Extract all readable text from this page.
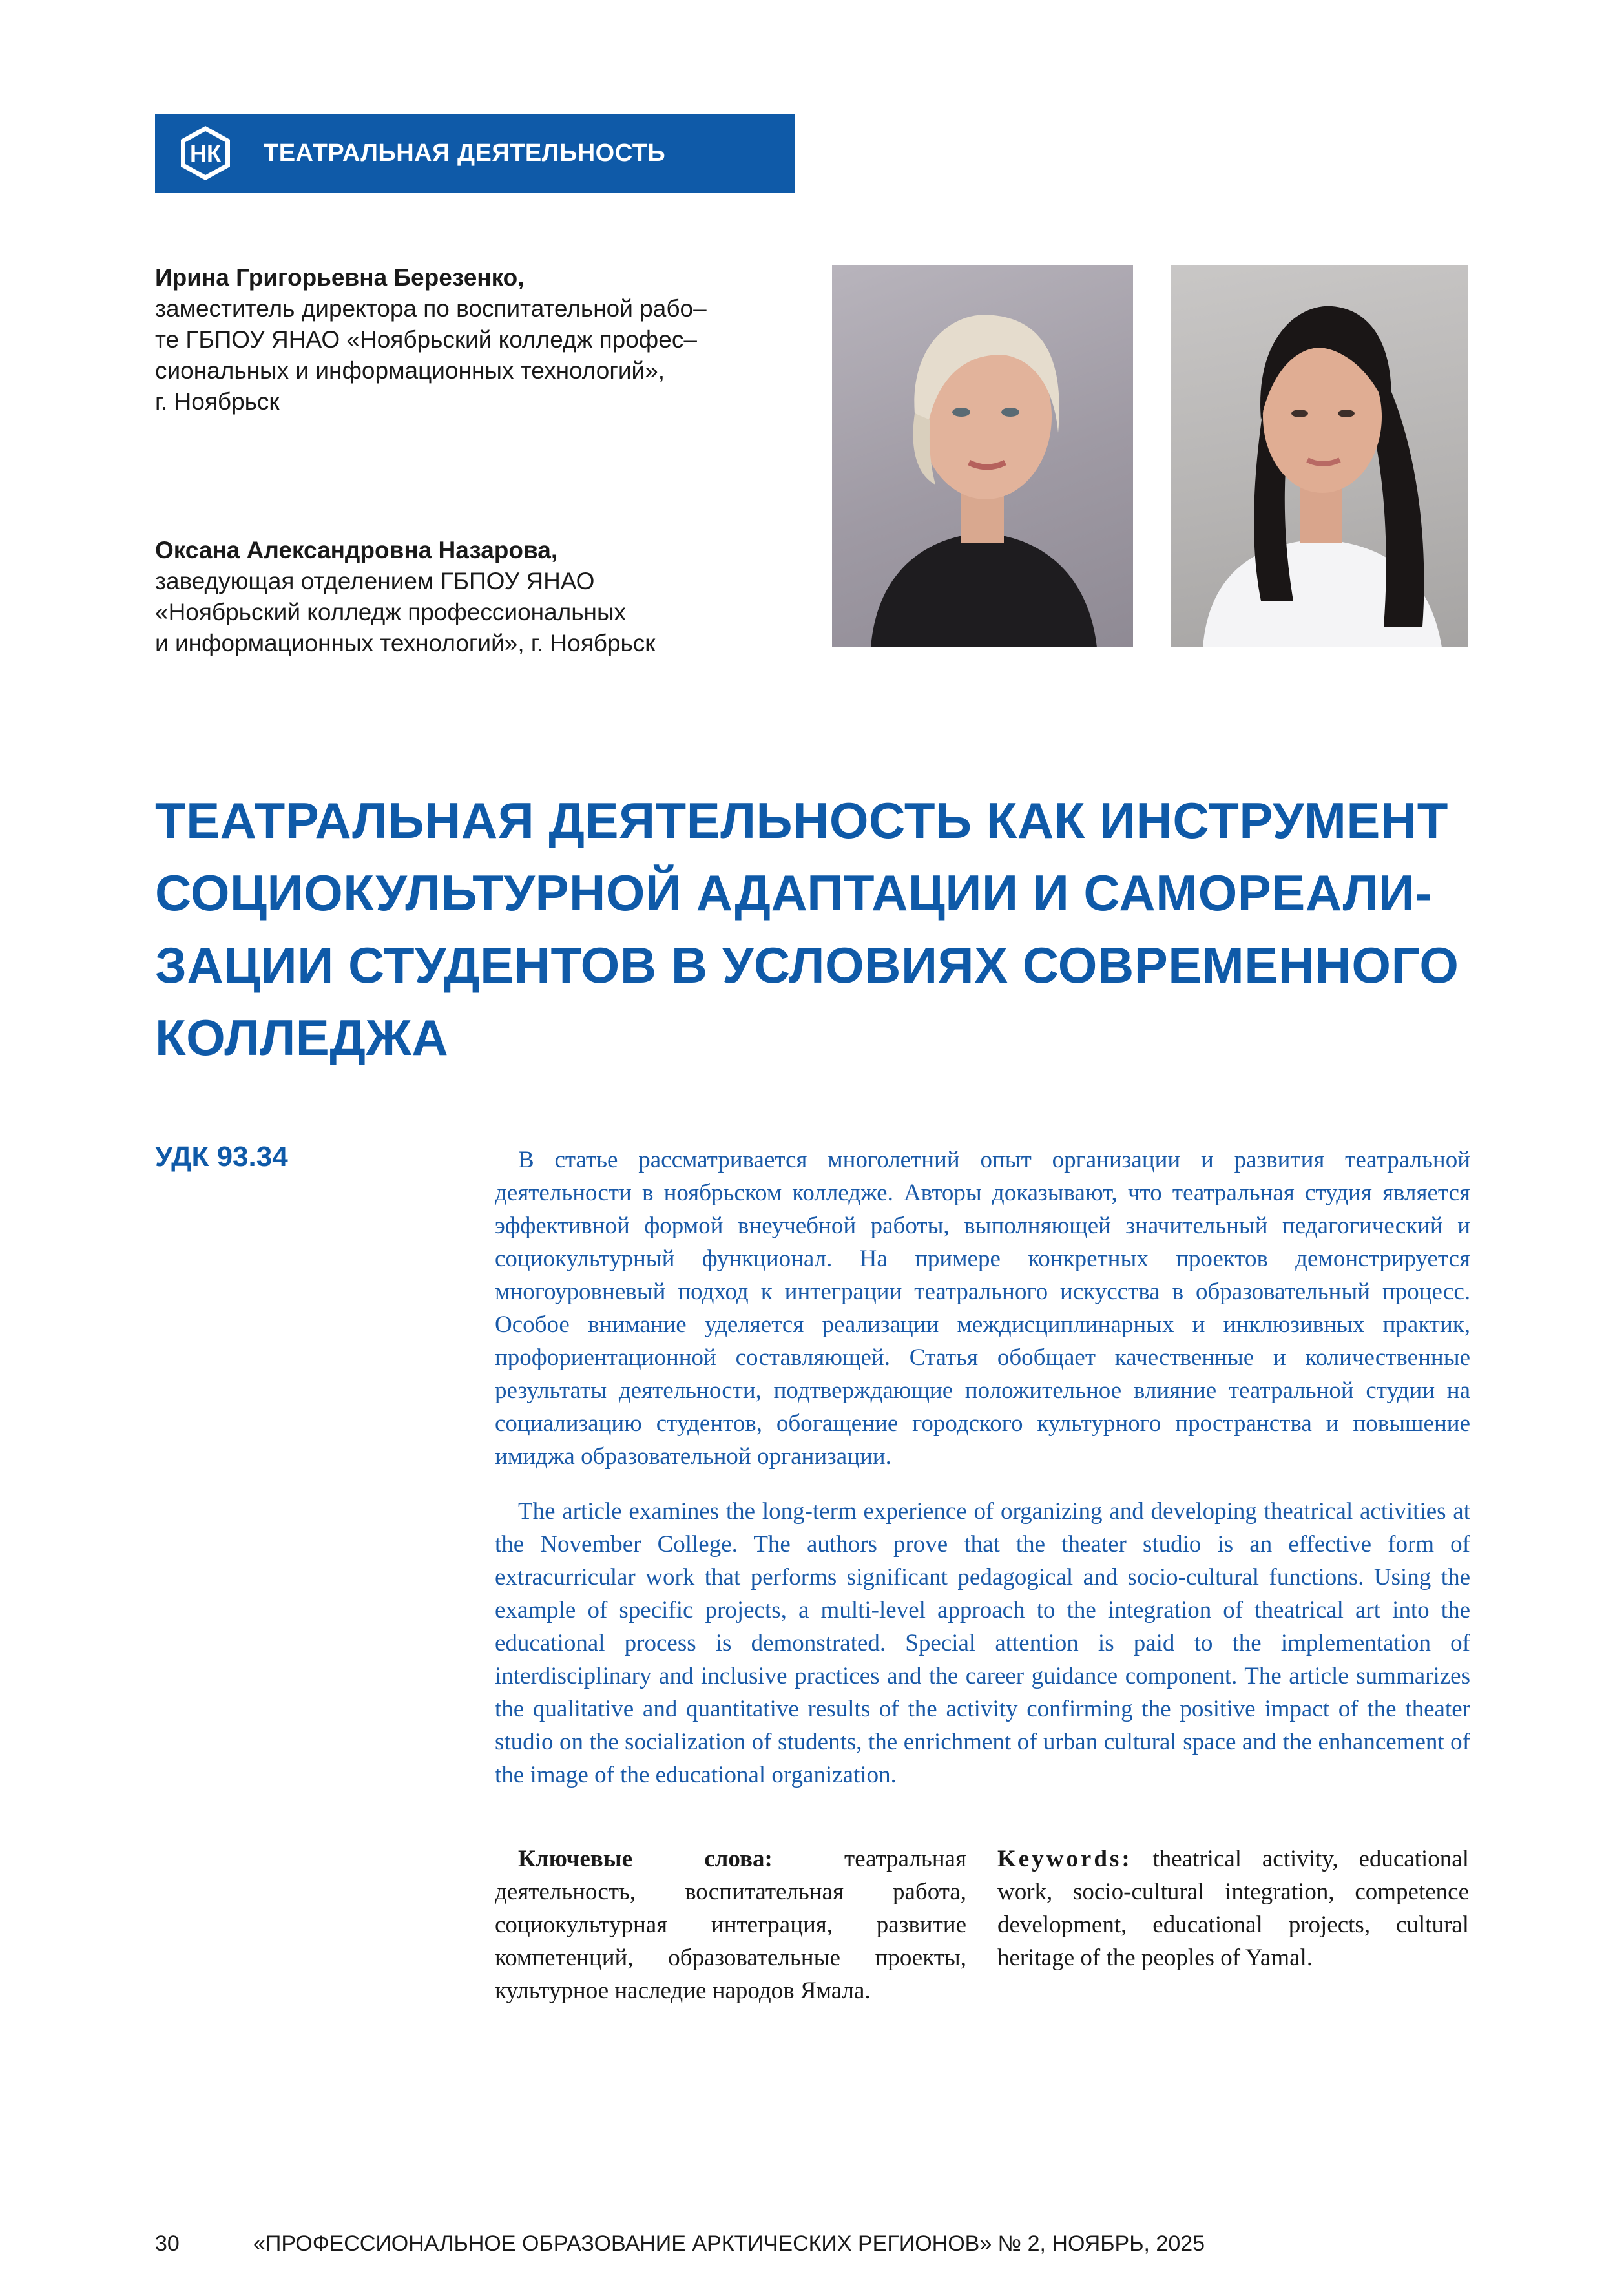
НК ТЕАТРАЛЬНАЯ ДЕЯТЕЛЬНОСТЬ
Ирина Григорьевна Березенко,
заместитель директора по воспитательной рабо–
те ГБПОУ ЯНАО «Ноябрьский колледж профес–
сиональных и информационных технологий»,
г. Ноябрьск
Оксана Александровна Назарова,
заведующая отделением ГБПОУ ЯНАО
«Ноябрьский колледж профессиональных
и информационных технологий», г. Ноябрьск
ТЕАТРАЛЬНАЯ ДЕЯТЕЛЬНОСТЬ КАК ИНСТРУМЕНТ
СОЦИОКУЛЬТУРНОЙ АДАПТАЦИИ И САМОРЕАЛИ-
ЗАЦИИ СТУДЕНТОВ В УСЛОВИЯХ СОВРЕМЕННОГО
КОЛЛЕДЖА
УДК 93.34	В статье рассматривается многолетний опыт организации и развития театральной деятельности в ноябрьском колледже. Авторы доказывают, что театральная студия является эффективной формой внеучебной работы, выполняющей значительный педагогический и социокультурный функционал. На примере конкретных проектов демонстрируется многоуровневый подход к интеграции театрального искусства в образовательный процесс. Особое внимание уделяется реализации междисциплинарных и инклюзивных практик, профориентационной составляющей. Статья обобщает качественные и количественные результаты деятельности, подтверждающие положительное влияние театральной студии на социализацию студентов, обогащение городского культурного пространства и повышение имиджа образовательной организации.

The article examines the long-term experience of organizing and developing theatrical activities at the November College. The authors prove that the theater studio is an effective form of extracurricular work that performs significant pedagogical and socio-cultural functions. Using the example of specific projects, a multi-level approach to the integration of theatrical art into the educational process is demonstrated. Special attention is paid to the implementation of interdisciplinary and inclusive practices and the career guidance component. The article summarizes the qualitative and quantitative results of the activity confirming the positive impact of the theater studio on the socialization of students, the enrichment of urban cultural space and the enhancement of the image of the educational organization.

Ключевые слова: театральная деятельность, воспитательная работа, социокультурная интеграция, развитие компетенций, образовательные проекты, культурное наследие народов Ямала.

Keywords: theatrical activity, educational work, socio-cultural integration, competence development, educational projects, cultural heritage of the peoples of Yamal.

30	«ПРОФЕССИОНАЛЬНОЕ ОБРАЗОВАНИЕ АРКТИЧЕСКИХ РЕГИОНОВ» № 2, НОЯБРЬ, 2025
